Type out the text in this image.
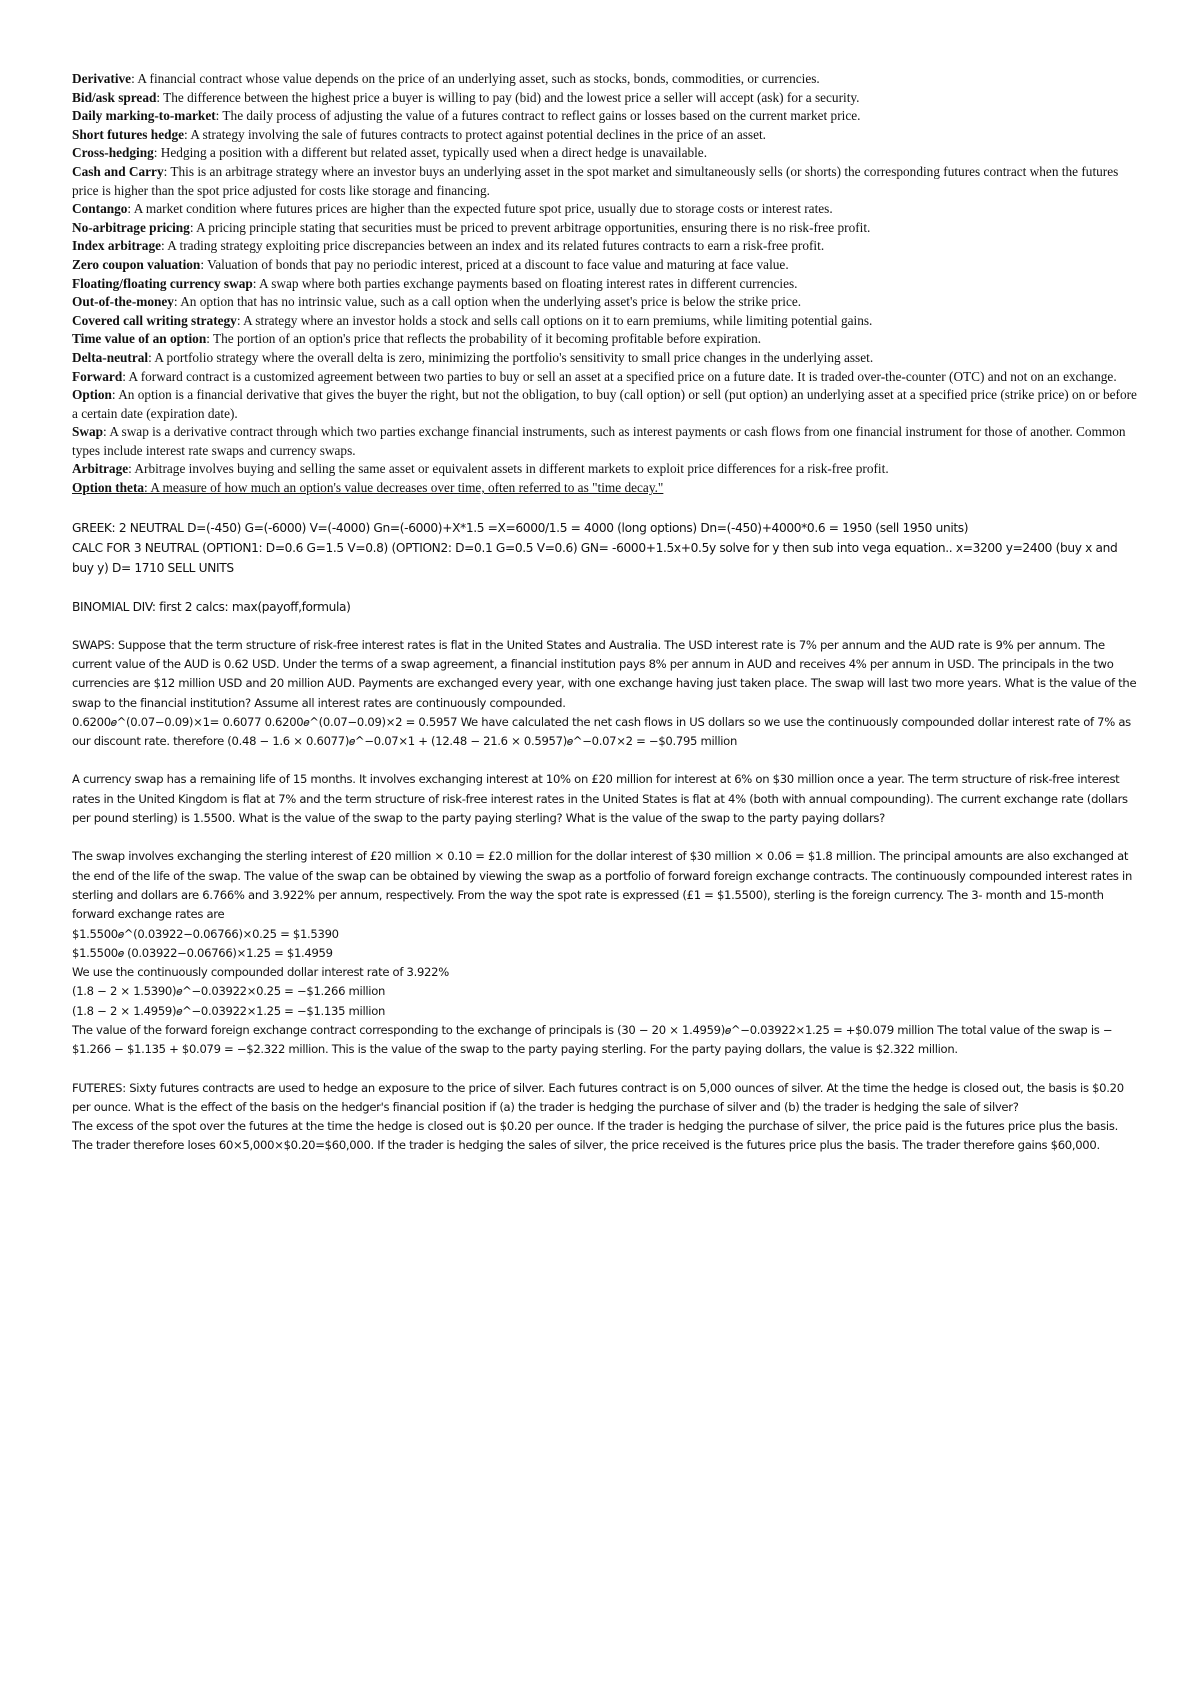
Derivative: A financial contract whose value depends on the price of an underlying asset, such as stocks, bonds, commodities, or currencies.

Bid/ask spread: The difference between the highest price a buyer is willing to pay (bid) and the lowest price a seller will accept (ask) for a security.

Daily marking-to-market: The daily process of adjusting the value of a futures contract to reflect gains or losses based on the current market price.

Short futures hedge: A strategy involving the sale of futures contracts to protect against potential declines in the price of an asset.

Cross-hedging: Hedging a position with a different but related asset, typically used when a direct hedge is unavailable.

Cash and Carry: This is an arbitrage strategy where an investor buys an underlying asset in the spot market and simultaneously sells (or shorts) the corresponding futures contract when the futures price is higher than the spot price adjusted for costs like storage and financing.

Contango: A market condition where futures prices are higher than the expected future spot price, usually due to storage costs or interest rates.

No-arbitrage pricing: A pricing principle stating that securities must be priced to prevent arbitrage opportunities, ensuring there is no risk-free profit.

Index arbitrage: A trading strategy exploiting price discrepancies between an index and its related futures contracts to earn a risk-free profit.

Zero coupon valuation: Valuation of bonds that pay no periodic interest, priced at a discount to face value and maturing at face value.

Floating/floating currency swap: A swap where both parties exchange payments based on floating interest rates in different currencies.

Out-of-the-money: An option that has no intrinsic value, such as a call option when the underlying asset's price is below the strike price.

Covered call writing strategy: A strategy where an investor holds a stock and sells call options on it to earn premiums, while limiting potential gains.

Time value of an option: The portion of an option's price that reflects the probability of it becoming profitable before expiration.

Delta-neutral: A portfolio strategy where the overall delta is zero, minimizing the portfolio's sensitivity to small price changes in the underlying asset.

Forward: A forward contract is a customized agreement between two parties to buy or sell an asset at a specified price on a future date. It is traded over-the-counter (OTC) and not on an exchange.

Option: An option is a financial derivative that gives the buyer the right, but not the obligation, to buy (call option) or sell (put option) an underlying asset at a specified price (strike price) on or before a certain date (expiration date).

Swap: A swap is a derivative contract through which two parties exchange financial instruments, such as interest payments or cash flows from one financial instrument for those of another. Common types include interest rate swaps and currency swaps.

Arbitrage: Arbitrage involves buying and selling the same asset or equivalent assets in different markets to exploit price differences for a risk-free profit.

Option theta: A measure of how much an option's value decreases over time, often referred to as "time decay."

GREEK: 2 NEUTRAL D=(-450) G=(-6000) V=(-4000) Gn=(-6000)+X*1.5 =X=6000/1.5 = 4000 (long options) Dn=(-450)+4000*0.6 = 1950 (sell 1950 units)

CALC FOR 3 NEUTRAL (OPTION1: D=0.6 G=1.5 V=0.8) (OPTION2: D=0.1 G=0.5 V=0.6) GN= -6000+1.5x+0.5y solve for y then sub into vega equation.. x=3200 y=2400 (buy x and buy y) D= 1710 SELL UNITS

BINOMIAL DIV: first 2 calcs: max(payoff,formula)

SWAPS: Suppose that the term structure of risk-free interest rates is flat in the United States and Australia. The USD interest rate is 7% per annum and the AUD rate is 9% per annum. The current value of the AUD is 0.62 USD. Under the terms of a swap agreement, a financial institution pays 8% per annum in AUD and receives 4% per annum in USD. The principals in the two currencies are $12 million USD and 20 million AUD. Payments are exchanged every year, with one exchange having just taken place. The swap will last two more years. What is the value of the swap to the financial institution? Assume all interest rates are continuously compounded.

0.6200𝑒^(0.07−0.09)×1= 0.6077 0.6200𝑒^(0.07−0.09)×2 = 0.5957 We have calculated the net cash flows in US dollars so we use the continuously compounded dollar interest rate of 7% as our discount rate. therefore (0.48 − 1.6 × 0.6077)𝑒^−0.07×1 + (12.48 − 21.6 × 0.5957)𝑒^−0.07×2 = −$0.795 million

A currency swap has a remaining life of 15 months. It involves exchanging interest at 10% on £20 million for interest at 6% on $30 million once a year. The term structure of risk-free interest rates in the United Kingdom is flat at 7% and the term structure of risk-free interest rates in the United States is flat at 4% (both with annual compounding). The current exchange rate (dollars per pound sterling) is 1.5500. What is the value of the swap to the party paying sterling? What is the value of the swap to the party paying dollars?

The swap involves exchanging the sterling interest of £20 million × 0.10 = £2.0 million for the dollar interest of $30 million × 0.06 = $1.8 million. The principal amounts are also exchanged at the end of the life of the swap. The value of the swap can be obtained by viewing the swap as a portfolio of forward foreign exchange contracts. The continuously compounded interest rates in sterling and dollars are 6.766% and 3.922% per annum, respectively. From the way the spot rate is expressed (£1 = $1.5500), sterling is the foreign currency. The 3- month and 15-month forward exchange rates are

$1.5500𝑒^(0.03922−0.06766)×0.25 = $1.5390

$1.5500𝑒 (0.03922−0.06766)×1.25 = $1.4959

We use the continuously compounded dollar interest rate of 3.922%

(1.8 − 2 × 1.5390)𝑒^−0.03922×0.25 = −$1.266 million

(1.8 − 2 × 1.4959)𝑒^−0.03922×1.25 = −$1.135 million

The value of the forward foreign exchange contract corresponding to the exchange of principals is (30 − 20 × 1.4959)𝑒^−0.03922×1.25 = +$0.079 million The total value of the swap is −$1.266 − $1.135 + $0.079 = −$2.322 million. This is the value of the swap to the party paying sterling. For the party paying dollars, the value is $2.322 million.

FUTERES: Sixty futures contracts are used to hedge an exposure to the price of silver. Each futures contract is on 5,000 ounces of silver. At the time the hedge is closed out, the basis is $0.20 per ounce. What is the effect of the basis on the hedger's financial position if (a) the trader is hedging the purchase of silver and (b) the trader is hedging the sale of silver?

The excess of the spot over the futures at the time the hedge is closed out is $0.20 per ounce. If the trader is hedging the purchase of silver, the price paid is the futures price plus the basis. The trader therefore loses 60×5,000×$0.20=$60,000. If the trader is hedging the sales of silver, the price received is the futures price plus the basis. The trader therefore gains $60,000.
